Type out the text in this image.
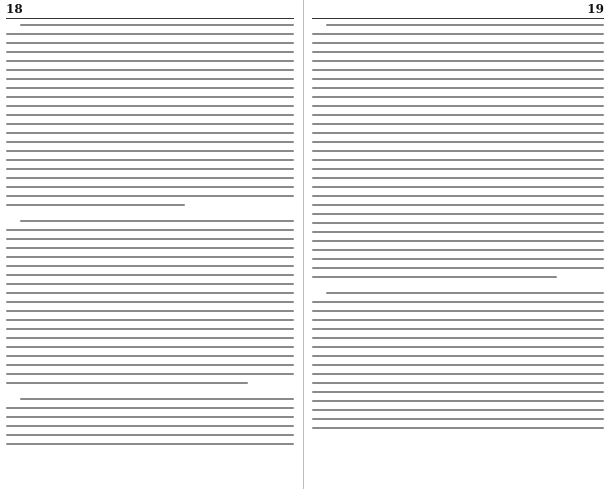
18	19
